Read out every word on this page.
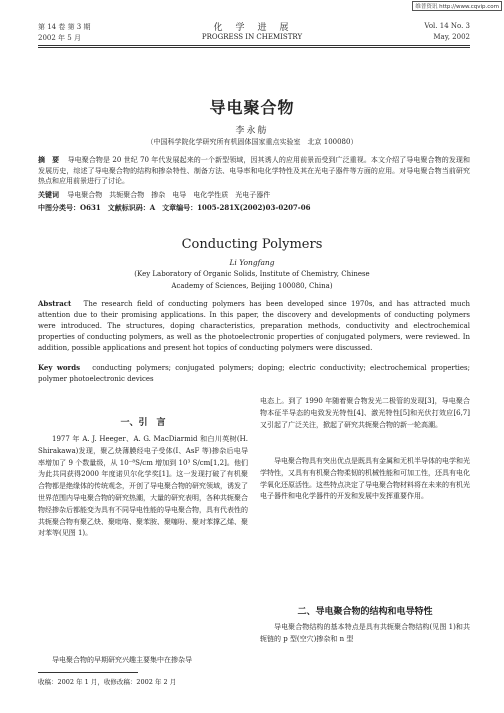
维普资讯 http://www.cqvip.com
第 14 卷 第 3 期
2002 年 5 月
化　学　进　展
PROGRESS IN CHEMISTRY
Vol. 14 No. 3
May, 2002
导电聚合物
李永舫
（中国科学院化学研究所有机固体国家重点实验室　北京 100080）
摘　要 导电聚合物是 20 世纪 70 年代发展起来的一个新型领域，因其诱人的应用前景而受到广泛重视。本文介绍了导电聚合物的发现和发展历史，综述了导电聚合物的结构和掺杂特性、制备方法、电导率和电化学特性及其在光电子器件等方面的应用。对导电聚合物当前研究热点和应用前景进行了讨论。
关键词 导电聚合物　共轭聚合物　掺杂　电导　电化学性质　光电子器件
中图分类号：O631　文献标识码：A　文章编号：1005-281X(2002)03-0207-06
Conducting Polymers
Li Yongfang
(Key Laboratory of Organic Solids, Institute of Chemistry, Chinese
Academy of Sciences, Beijing 100080, China)
Abstract The research field of conducting polymers has been developed since 1970s, and has attracted much attention due to their promising applications. In this paper, the discovery and developments of conducting polymers were introduced. The structures, doping characteristics, preparation methods, conductivity and electrochemical properties of conducting polymers, as well as the photoelectronic properties of conjugated polymers, were reviewed. In addition, possible applications and present hot topics of conducting polymers were discussed.
Key words conducting polymers; conjugated polymers; doping; electric conductivity; electrochemical properties; polymer photoelectronic devices
一、引　言
1977 年 A. J. Heeger、A. G. MacDiarmid 和白川英树(H. Shirakawa)发现，聚乙炔薄膜经电子受体(I、AsF 等)掺杂后电导率增加了 9 个数量级，从 10⁻⁸S/cm 增加到 10³ S/cm[1,2]。他们为此共同获得2000 年度诺贝尔化学奖[1]。这一发现打破了有机聚合物都是绝缘体的传统观念，开创了导电聚合物的研究领域，诱发了世界范围内导电聚合物的研究热潮，大量的研究表明，各种共轭聚合物经掺杂后都能变为具有不同导电性能的导电聚合物，具有代表性的共轭聚合物有聚乙炔、聚吡咯、聚苯胺、聚噻吩、聚对苯撑乙烯、聚对苯等(见图 1)。
导电聚合物的早期研究兴趣主要集中在掺杂导
电态上。到了 1990 年随着聚合物发光二极管的发现[3]，导电聚合物本征半导态的电致发光特性[4]、激光特性[5]和光伏打效应[6,7]又引起了广泛关注，掀起了研究共轭聚合物的新一轮高潮。
导电聚合物具有突出优点是既具有金属和无机半导体的电学和光学特性，又具有有机聚合物柔韧的机械性能和可加工性，还具有电化学氧化还原活性。这些特点决定了导电聚合物材料将在未来的有机光电子器件和电化学器件的开发和发展中发挥重要作用。
二、导电聚合物的结构和电导特性
导电聚合物结构的基本特点是具有共轭聚合物结构(见图 1)和共轭链的 p 型(空穴)掺杂和 n 型
收稿：2002 年 1 月，收修改稿：2002 年 2 月
